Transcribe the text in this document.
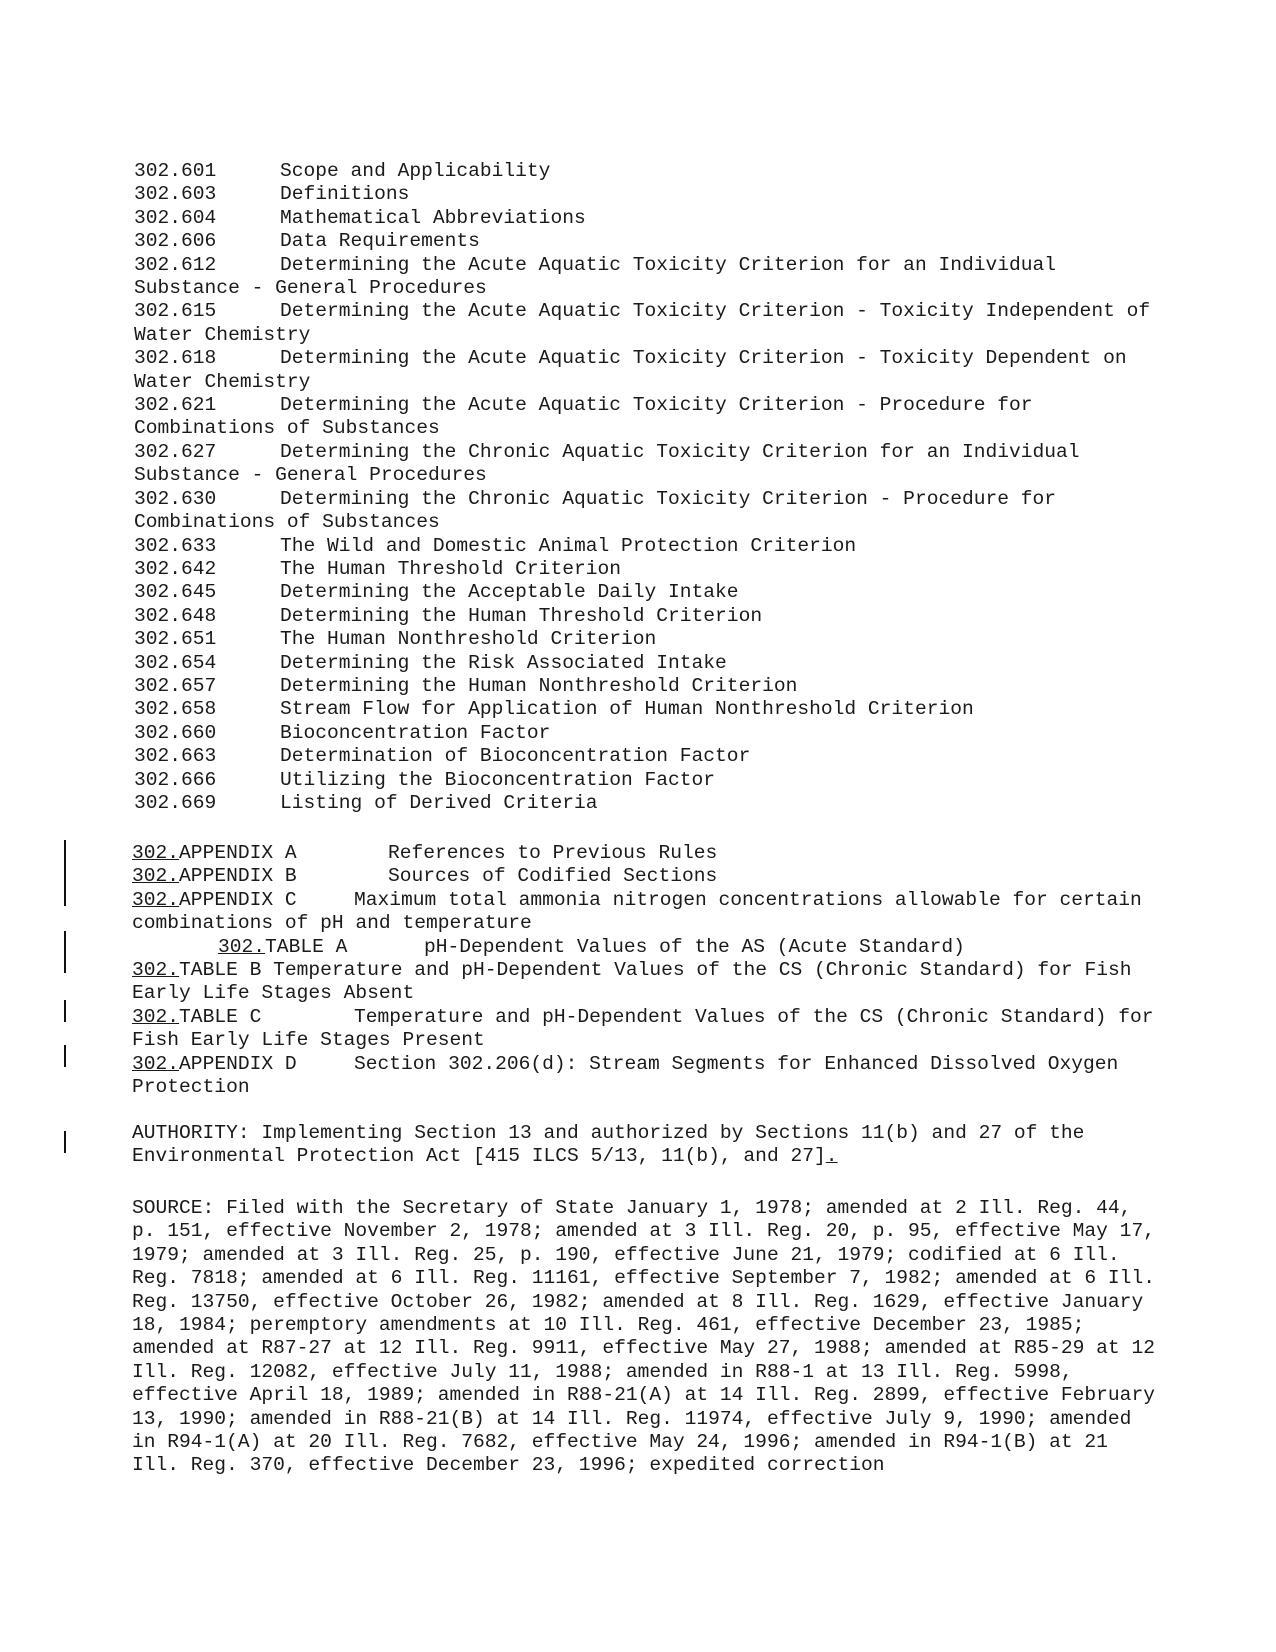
302.601	Scope and Applicability
302.603	Definitions
302.604	Mathematical Abbreviations
302.606	Data Requirements
302.612	Determining the Acute Aquatic Toxicity Criterion for an Individual Substance - General Procedures
302.615	Determining the Acute Aquatic Toxicity Criterion - Toxicity Independent of Water Chemistry
302.618	Determining the Acute Aquatic Toxicity Criterion - Toxicity Dependent on Water Chemistry
302.621	Determining the Acute Aquatic Toxicity Criterion - Procedure for Combinations of Substances
302.627	Determining the Chronic Aquatic Toxicity Criterion for an Individual Substance - General Procedures
302.630	Determining the Chronic Aquatic Toxicity Criterion - Procedure for Combinations of Substances
302.633	The Wild and Domestic Animal Protection Criterion
302.642	The Human Threshold Criterion
302.645	Determining the Acceptable Daily Intake
302.648	Determining the Human Threshold Criterion
302.651	The Human Nonthreshold Criterion
302.654	Determining the Risk Associated Intake
302.657	Determining the Human Nonthreshold Criterion
302.658	Stream Flow for Application of Human Nonthreshold Criterion
302.660	Bioconcentration Factor
302.663	Determination of Bioconcentration Factor
302.666	Utilizing the Bioconcentration Factor
302.669	Listing of Derived Criteria
302.APPENDIX A	References to Previous Rules
302.APPENDIX B	Sources of Codified Sections
302.APPENDIX C	Maximum total ammonia nitrogen concentrations allowable for certain combinations of pH and temperature
302.TABLE A	pH-Dependent Values of the AS (Acute Standard)
302.TABLE B Temperature and pH-Dependent Values of the CS (Chronic Standard) for Fish Early Life Stages Absent
302.TABLE C	Temperature and pH-Dependent Values of the CS (Chronic Standard) for Fish Early Life Stages Present
302.APPENDIX D	Section 302.206(d): Stream Segments for Enhanced Dissolved Oxygen Protection

AUTHORITY: Implementing Section 13 and authorized by Sections 11(b) and 27 of the Environmental Protection Act [415 ILCS 5/13, 11(b), and 27].

SOURCE: Filed with the Secretary of State January 1, 1978; amended at 2 Ill. Reg. 44, p. 151, effective November 2, 1978; amended at 3 Ill. Reg. 20, p. 95, effective May 17, 1979; amended at 3 Ill. Reg. 25, p. 190, effective June 21, 1979; codified at 6 Ill. Reg. 7818; amended at 6 Ill. Reg. 11161, effective September 7, 1982; amended at 6 Ill. Reg. 13750, effective October 26, 1982; amended at 8 Ill. Reg. 1629, effective January 18, 1984; peremptory amendments at 10 Ill. Reg. 461, effective December 23, 1985; amended at R87-27 at 12 Ill. Reg. 9911, effective May 27, 1988; amended at R85-29 at 12 Ill. Reg. 12082, effective July 11, 1988; amended in R88-1 at 13 Ill. Reg. 5998, effective April 18, 1989; amended in R88-21(A) at 14 Ill. Reg. 2899, effective February 13, 1990; amended in R88-21(B) at 14 Ill. Reg. 11974, effective July 9, 1990; amended in R94-1(A) at 20 Ill. Reg. 7682, effective May 24, 1996; amended in R94-1(B) at 21 Ill. Reg. 370, effective December 23, 1996; expedited correction
